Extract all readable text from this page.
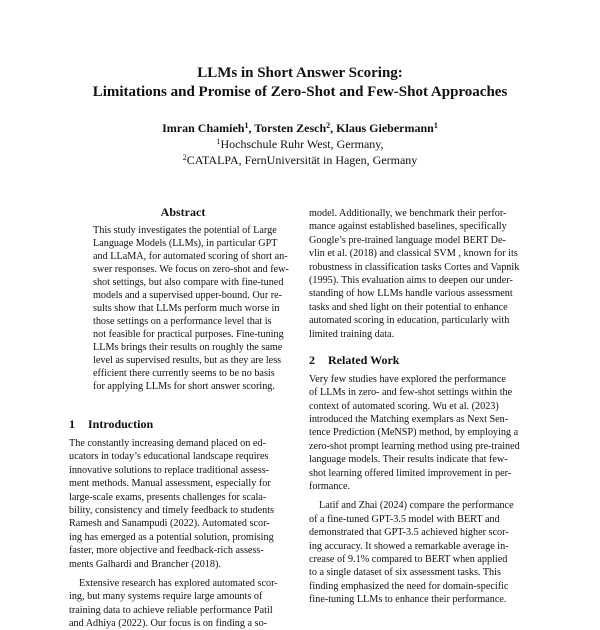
LLMs in Short Answer Scoring:
Limitations and Promise of Zero-Shot and Few-Shot Approaches
Imran Chamieh$^1$, Torsten Zesch$^2$, Klaus Giebermann$^1$
$^1$Hochschule Ruhr West, Germany,
$^2$CATALPA, FernUniversität in Hagen, Germany
Abstract
This study investigates the potential of Large
Language Models (LLMs), in particular GPT
and LLaMA, for automated scoring of short an-
swer responses. We focus on zero-shot and few-
shot settings, but also compare with fine-tuned
models and a supervised upper-bound. Our re-
sults show that LLMs perform much worse in
those settings on a performance level that is
not feasible for practical purposes. Fine-tuning
LLMs brings their results on roughly the same
level as supervised results, but as they are less
efficient there currently seems to be no basis
for applying LLMs for short answer scoring.
1 Introduction
The constantly increasing demand placed on ed-
ucators in today’s educational landscape requires
innovative solutions to replace traditional assess-
ment methods. Manual assessment, especially for
large-scale exams, presents challenges for scala-
bility, consistency and timely feedback to students
Ramesh and Sanampudi (2022). Automated scor-
ing has emerged as a potential solution, promising
faster, more objective and feedback-rich assess-
ments Galhardi and Brancher (2018).
Extensive research has explored automated scor-
ing, but many systems require large amounts of
training data to achieve reliable performance Patil
and Adhiya (2022). Our focus is on finding a so-
model. Additionally, we benchmark their perfor-
mance against established baselines, specifically
Google’s pre-trained language model BERT De-
vlin et al. (2018) and classical SVM , known for its
robustness in classification tasks Cortes and Vapnik
(1995). This evaluation aims to deepen our under-
standing of how LLMs handle various assessment
tasks and shed light on their potential to enhance
automated scoring in education, particularly with
limited training data.
2 Related Work
Very few studies have explored the performance
of LLMs in zero- and few-shot settings within the
context of automated scoring. Wu et al. (2023)
introduced the Matching exemplars as Next Sen-
tence Prediction (MeNSP) method, by employing a
zero-shot prompt learning method using pre-trained
language models. Their results indicate that few-
shot learning offered limited improvement in per-
formance.
Latif and Zhai (2024) compare the performance
of a fine-tuned GPT-3.5 model with BERT and
demonstrated that GPT-3.5 achieved higher scor-
ing accuracy. It showed a remarkable average in-
crease of 9.1% compared to BERT when applied
to a single dataset of six assessment tasks. This
finding emphasized the need for domain-specific
fine-tuning LLMs to enhance their performance.
